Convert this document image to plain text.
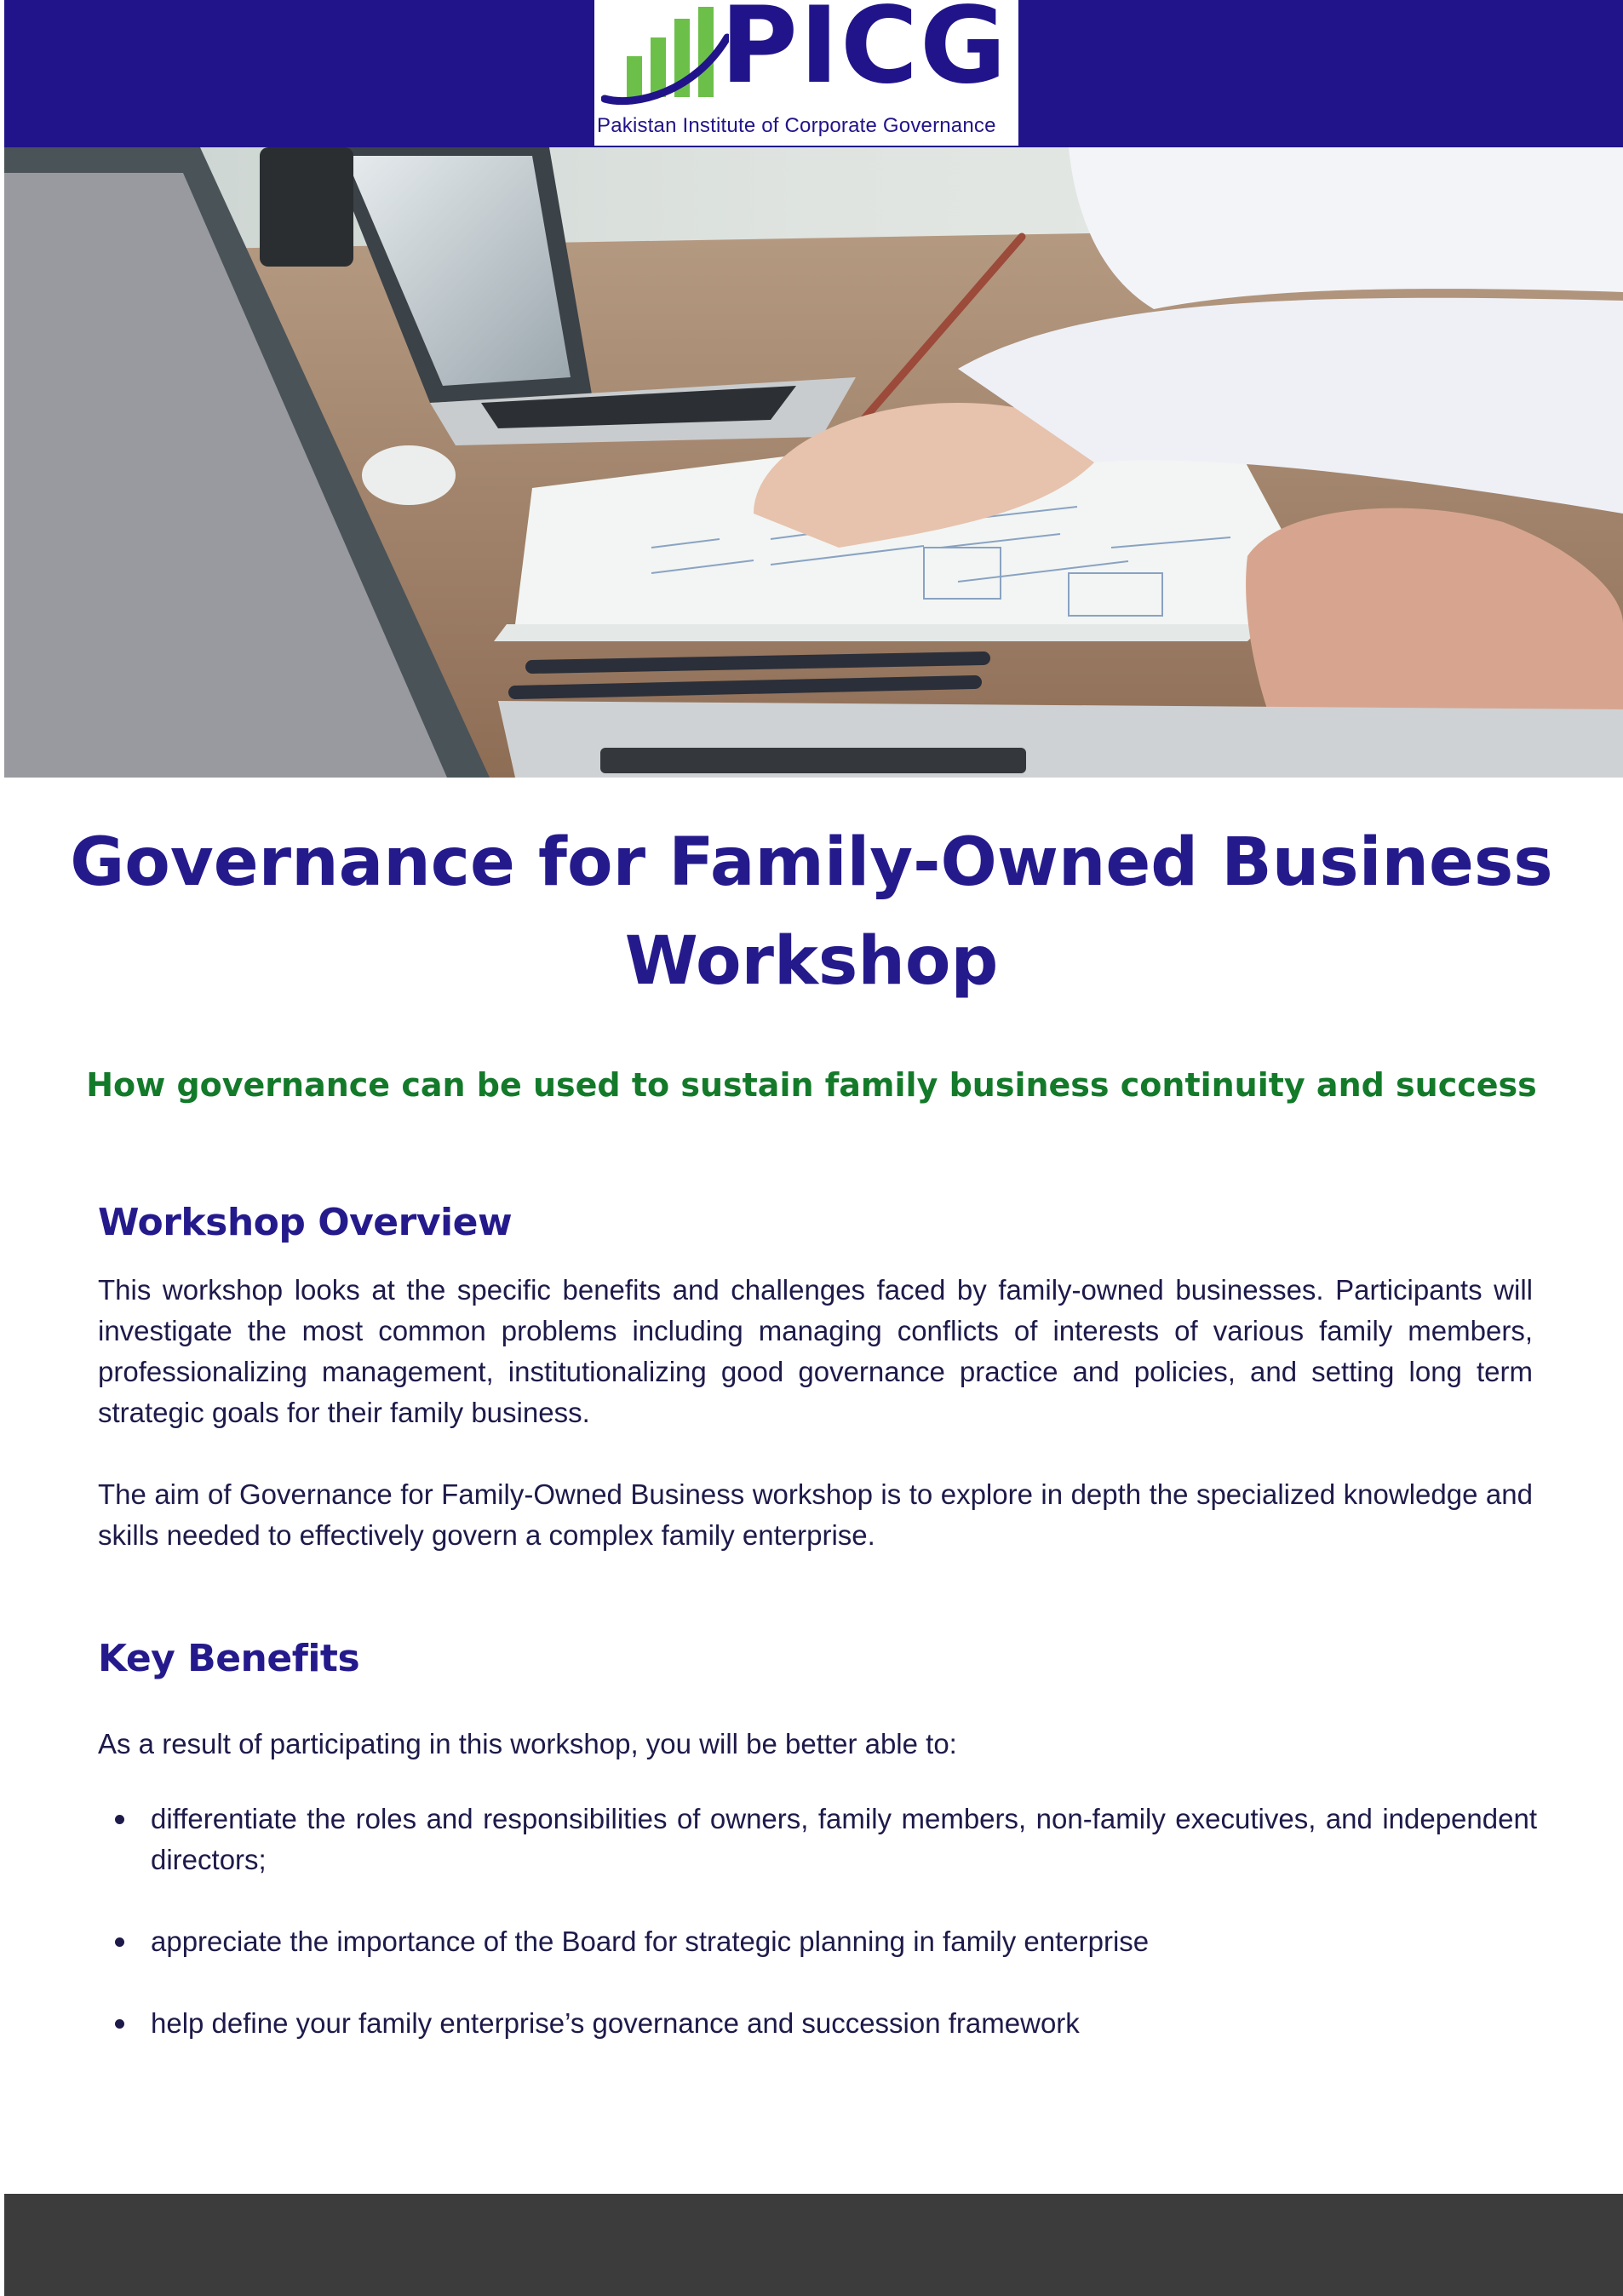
PICG
Pakistan Institute of Corporate Governance
Governance for Family-Owned Business
Workshop
How governance can be used to sustain family business continuity and success
Workshop Overview

This workshop looks at the specific benefits and challenges faced by family-owned businesses. Participants will investigate the most common problems including managing conflicts of interests of various family members, professionalizing management, institutionalizing good governance practice and policies, and setting long term strategic goals for their family business.

The aim of Governance for Family-Owned Business workshop is to explore in depth the specialized knowledge and skills needed to effectively govern a complex family enterprise.

Key Benefits

As a result of participating in this workshop, you will be better able to:

differentiate the roles and responsibilities of owners, family members, non-family executives, and independent directors;
appreciate the importance of the Board for strategic planning in family enterprise
help define your family enterprise’s governance and succession framework
